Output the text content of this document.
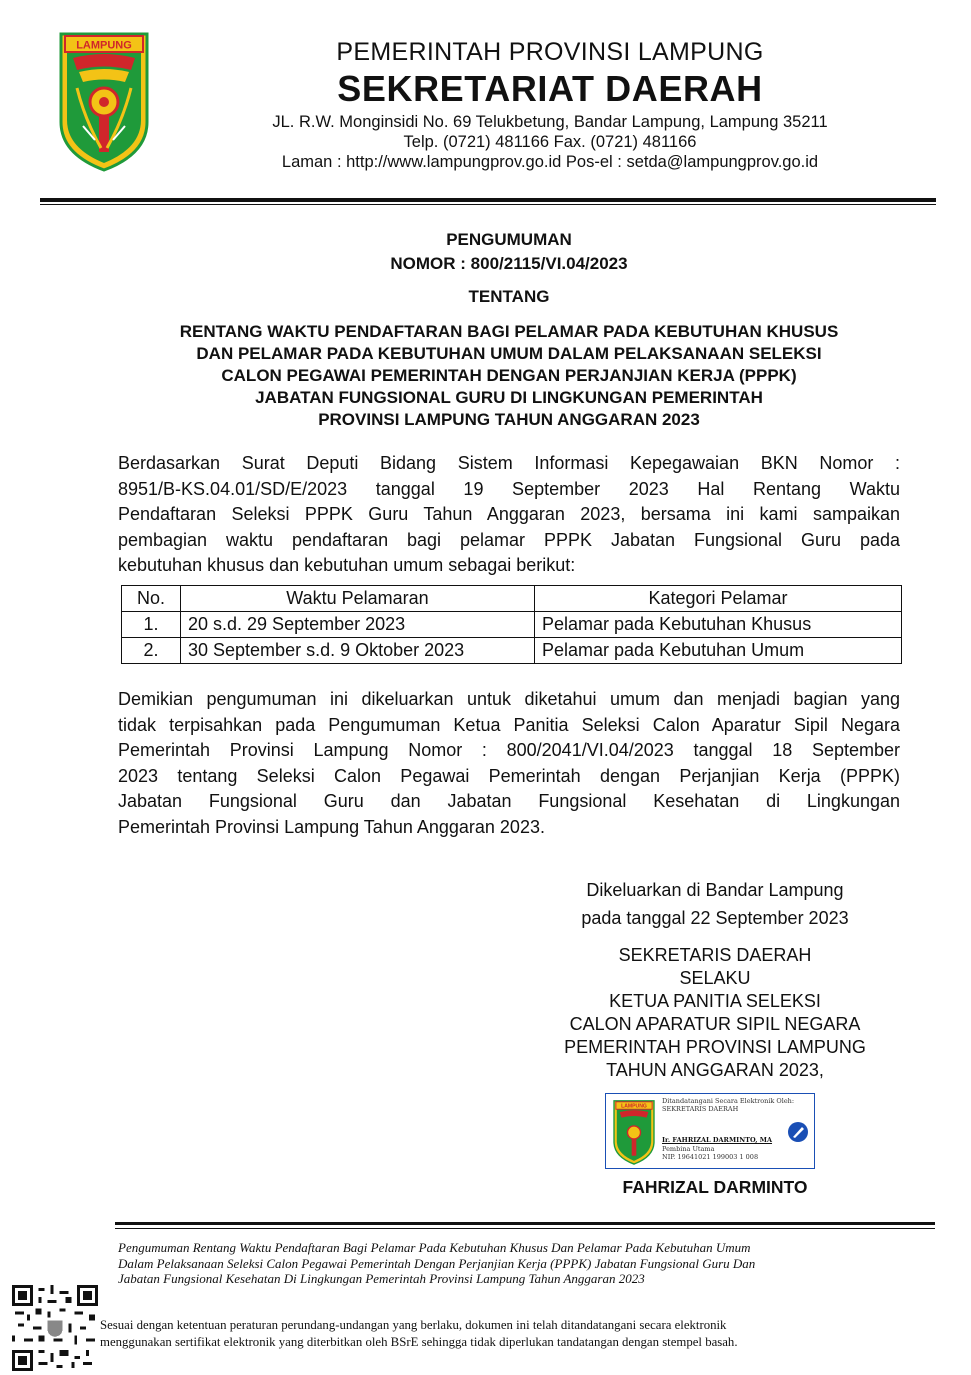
LAMPUNG	PEMERINTAH PROVINSI LAMPUNG
SEKRETARIAT DAERAH
JL. R.W. Monginsidi No. 69 Telukbetung, Bandar Lampung, Lampung 35211
Telp. (0721) 481166 Fax. (0721) 481166
Laman : http://www.lampungprov.go.id Pos-el : setda@lampungprov.go.id
PENGUMUMAN
NOMOR : 800/2115/VI.04/2023
TENTANG
RENTANG WAKTU PENDAFTARAN BAGI PELAMAR PADA KEBUTUHAN KHUSUS
DAN PELAMAR PADA KEBUTUHAN UMUM DALAM PELAKSANAAN SELEKSI
CALON PEGAWAI PEMERINTAH DENGAN PERJANJIAN KERJA (PPPK)
JABATAN FUNGSIONAL GURU DI LINGKUNGAN PEMERINTAH
PROVINSI LAMPUNG TAHUN ANGGARAN 2023
Berdasarkan Surat Deputi Bidang Sistem Informasi Kepegawaian BKN Nomor :
8951/B-KS.04.01/SD/E/2023 tanggal 19 September 2023 Hal Rentang Waktu
Pendaftaran Seleksi PPPK Guru Tahun Anggaran 2023, bersama ini kami sampaikan
pembagian waktu pendaftaran bagi pelamar PPPK Jabatan Fungsional Guru pada
kebutuhan khusus dan kebutuhan umum sebagai berikut:
No.	Waktu Pelamaran	Kategori Pelamar
1.	20 s.d. 29 September 2023	Pelamar pada Kebutuhan Khusus
2.	30 September s.d. 9 Oktober 2023	Pelamar pada Kebutuhan Umum
Demikian pengumuman ini dikeluarkan untuk diketahui umum dan menjadi bagian yang
tidak terpisahkan pada Pengumuman Ketua Panitia Seleksi Calon Aparatur Sipil Negara
Pemerintah Provinsi Lampung Nomor : 800/2041/VI.04/2023 tanggal 18 September
2023 tentang Seleksi Calon Pegawai Pemerintah dengan Perjanjian Kerja (PPPK)
Jabatan Fungsional Guru dan Jabatan Fungsional Kesehatan di Lingkungan
Pemerintah Provinsi Lampung Tahun Anggaran 2023.
Dikeluarkan di Bandar Lampung
pada tanggal 22 September 2023
SEKRETARIS DAERAH
SELAKU
KETUA PANITIA SELEKSI
CALON APARATUR SIPIL NEGARA
PEMERINTAH PROVINSI LAMPUNG
TAHUN ANGGARAN 2023,
LAMPUNG
Ditandatangani Secara Elektronik Oleh:
SEKRETARIS DAERAH
Ir. FAHRIZAL DARMINTO, MA
Pembina Utama
NIP. 19641021 199003 1 008
FAHRIZAL DARMINTO
Pengumuman Rentang Waktu Pendaftaran Bagi Pelamar Pada Kebutuhan Khusus Dan Pelamar Pada Kebutuhan Umum
Dalam Pelaksanaan Seleksi Calon Pegawai Pemerintah Dengan Perjanjian Kerja (PPPK) Jabatan Fungsional Guru Dan
Jabatan Fungsional Kesehatan Di Lingkungan Pemerintah Provinsi Lampung Tahun Anggaran 2023
Sesuai dengan ketentuan peraturan perundang-undangan yang berlaku, dokumen ini telah ditandatangani secara elektronik
menggunakan sertifikat elektronik yang diterbitkan oleh BSrE sehingga tidak diperlukan tandatangan dengan stempel basah.
